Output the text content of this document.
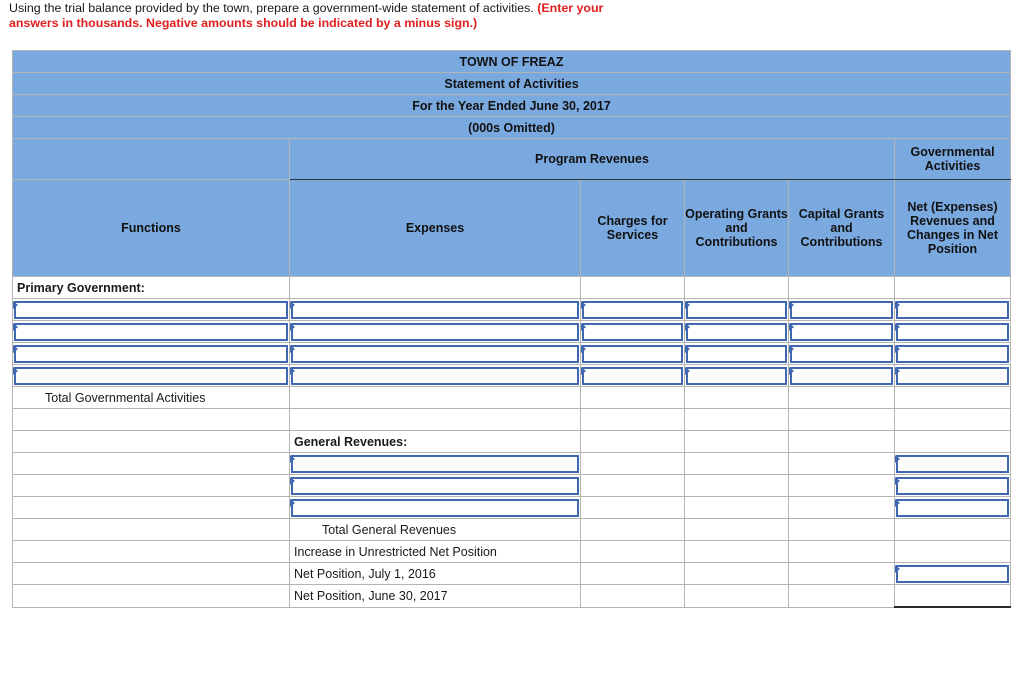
Using the trial balance provided by the town, prepare a government-wide statement of activities. (Enter your answers in thousands. Negative amounts should be indicated by a minus sign.)
TOWN OF FREAZ					
Statement of Activities					
For the Year Ended June 30, 2017					
(000s Omitted)					
	Program Revenues				Governmental Activities
Functions	Expenses	Charges for Services	Operating Grants and Contributions	Capital Grants and Contributions	Net (Expenses) Revenues and Changes in Net Position
Primary Government:					

Total Governmental Activities					

	General Revenues:				

	Total General Revenues				
	Increase in Unrestricted Net Position				
	Net Position, July 1, 2016				

	Net Position, June 30, 2017				
